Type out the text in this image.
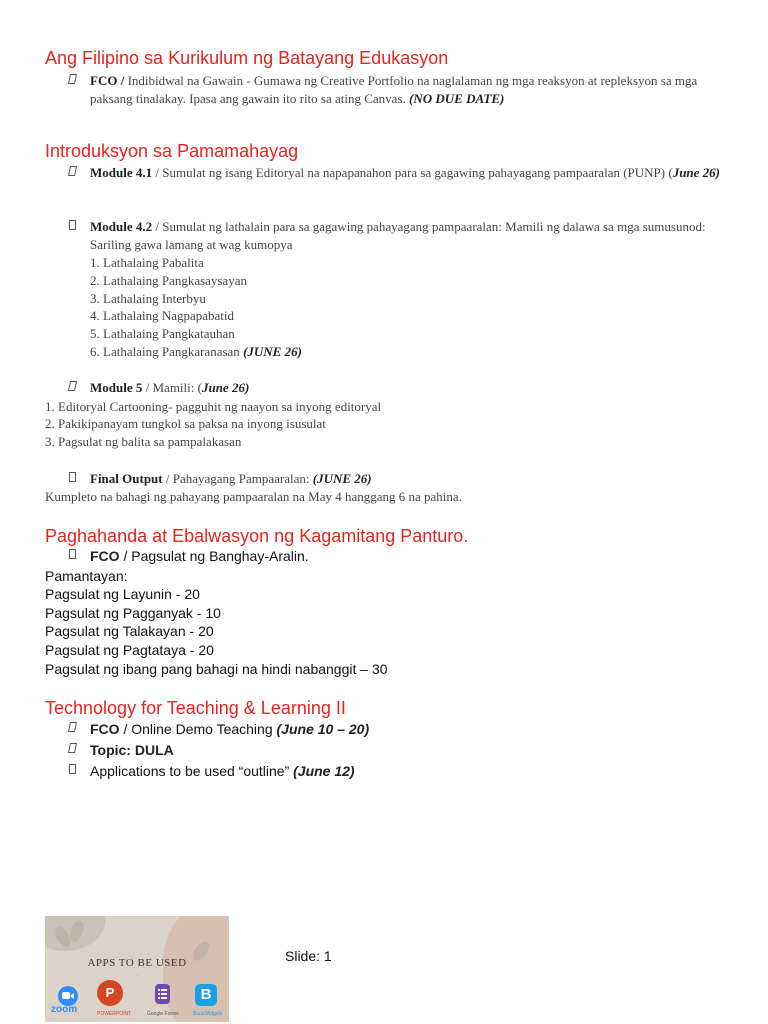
Ang Filipino sa Kurikulum ng Batayang Edukasyon
FCO / Indibidwal na Gawain - Gumawa ng Creative Portfolio na naglalaman ng mga reaksyon at repleksyon sa mga paksang tinalakay. Ipasa ang gawain ito rito sa ating Canvas. (NO DUE DATE)
Introduksyon sa Pamamahayag
Module 4.1 / Sumulat ng isang Editoryal na napapanahon para sa gagawing pahayagang pampaaralan (PUNP) (June 26)
Module 4.2 / Sumulat ng lathalain para sa gagawing pahayagang pampaaralan: Mamili ng dalawa sa mga sumusunod: Sariling gawa lamang at wag kumopya
1. Lathalaing Pabalita
2. Lathalaing Pangkasaysayan
3. Lathalaing Interbyu
4. Lathalaing Nagpapabatid
5. Lathalaing Pangkatauhan
6. Lathalaing Pangkaranasan (JUNE 26)
Module 5 / Mamili: (June 26)
1. Editoryal Cartooning- pagguhit ng naayon sa inyong editoryal
2. Pakikipanayam tungkol sa paksa na inyong isusulat
3. Pagsulat ng balita sa pampalakasan
Final Output / Pahayagang Pampaaralan: (JUNE 26)
Kumpleto na bahagi ng pahayang pampaaralan na May 4 hanggang 6 na pahina.
Paghahanda at Ebalwasyon ng Kagamitang Panturo.
FCO / Pagsulat ng Banghay-Aralin.
Pamantayan:
Pagsulat ng Layunin - 20
Pagsulat ng Pagganyak - 10
Pagsulat ng Talakayan - 20
Pagsulat ng Pagtataya - 20
Pagsulat ng ibang pang bahagi na hindi nabanggit – 30
Technology for Teaching & Learning II
FCO / Online Demo Teaching (June 10 – 20)
Topic: DULA
Applications to be used “outline” (June 12)
APPS TO BE USED
...
zoom
P
POWERPOINT	Google Forms
B
BookWidgets
Slide: 1
